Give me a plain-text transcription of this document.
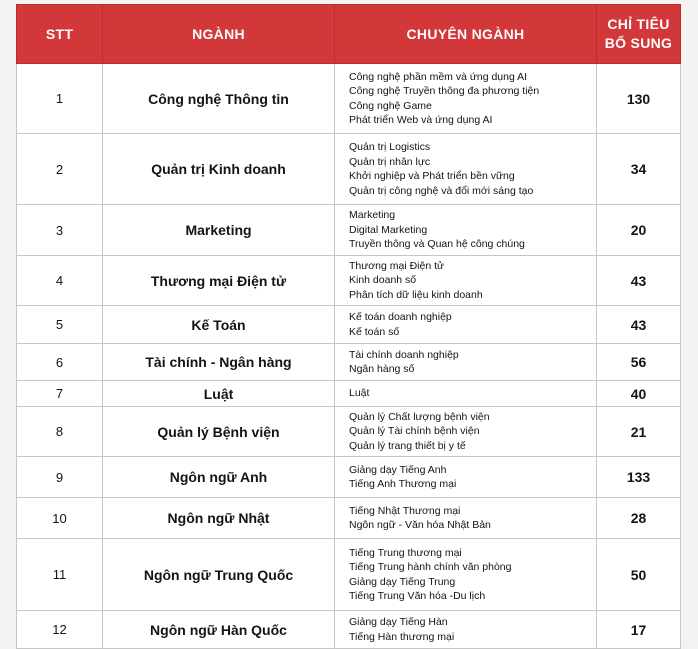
STT	NGÀNH	CHUYÊN NGÀNH	CHỈ TIÊU
BỔ SUNG
1	Công nghệ Thông tin	Công nghệ phần mềm và ứng dụng AI
Công nghệ Truyền thông đa phương tiện
Công nghệ Game
Phát triển Web và ứng dụng AI	130
2	Quản trị Kinh doanh	Quản trị Logistics
Quản trị nhân lực
Khởi nghiệp và Phát triển bền vững
Quản trị công nghệ và đổi mới sáng tạo	34
3	Marketing	Marketing
Digital Marketing
Truyền thông và Quan hệ công chúng	20
4	Thương mại Điện tử	Thương mại Điện tử
Kinh doanh số
Phân tích dữ liệu kinh doanh	43
5	Kế Toán	Kế toán doanh nghiệp
Kế toán số	43
6	Tài chính - Ngân hàng	Tài chính doanh nghiệp
Ngân hàng số	56
7	Luật	Luật	40
8	Quản lý Bệnh viện	Quản lý Chất lượng bệnh viện
Quản lý Tài chính bệnh viện
Quản lý trang thiết bị y tế	21
9	Ngôn ngữ Anh	Giảng dạy Tiếng Anh
Tiếng Anh Thương mại	133
10	Ngôn ngữ Nhật	Tiếng Nhật Thương mại
Ngôn ngữ - Văn hóa Nhật Bản	28
11	Ngôn ngữ Trung Quốc	Tiếng Trung thương mại
Tiếng Trung hành chính văn phòng
Giảng dạy Tiếng Trung
Tiếng Trung Văn hóa -Du lịch	50
12	Ngôn ngữ Hàn Quốc	Giảng dạy Tiếng Hàn
Tiếng Hàn thương mại	17
